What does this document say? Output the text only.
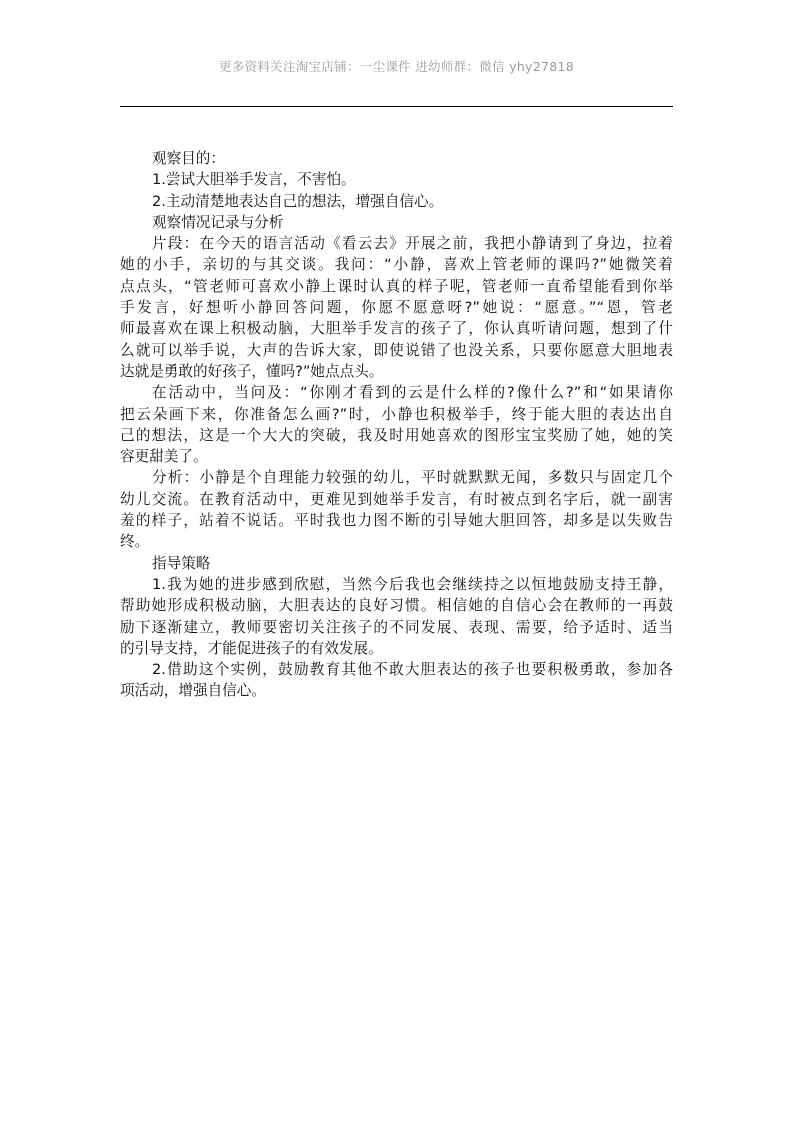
更多资料关注淘宝店铺：一尘课件 进幼师群：微信 yhy27818
观察目的：
1.尝试大胆举手发言，不害怕。
2.主动清楚地表达自己的想法，增强自信心。
观察情况记录与分析
片段：在今天的语言活动《看云去》开展之前，我把小静请到了身边，拉着
她的小手，亲切的与其交谈。我问：“小静，喜欢上管老师的课吗?”她微笑着
点点头，“管老师可喜欢小静上课时认真的样子呢，管老师一直希望能看到你举
手发言，好想听小静回答问题，你愿不愿意呀?”她说：“愿意。”“恩，管老
师最喜欢在课上积极动脑，大胆举手发言的孩子了，你认真听请问题，想到了什
么就可以举手说，大声的告诉大家，即使说错了也没关系，只要你愿意大胆地表
达就是勇敢的好孩子，懂吗?”她点点头。
在活动中，当问及：“你刚才看到的云是什么样的?像什么?”和“如果请你
把云朵画下来，你准备怎么画?”时，小静也积极举手，终于能大胆的表达出自
己的想法，这是一个大大的突破，我及时用她喜欢的图形宝宝奖励了她，她的笑
容更甜美了。
分析：小静是个自理能力较强的幼儿，平时就默默无闻，多数只与固定几个
幼儿交流。在教育活动中，更难见到她举手发言，有时被点到名字后，就一副害
羞的样子，站着不说话。平时我也力图不断的引导她大胆回答，却多是以失败告
终。
指导策略
1.我为她的进步感到欣慰，当然今后我也会继续持之以恒地鼓励支持王静，
帮助她形成积极动脑，大胆表达的良好习惯。相信她的自信心会在教师的一再鼓
励下逐渐建立，教师要密切关注孩子的不同发展、表现、需要，给予适时、适当
的引导支持，才能促进孩子的有效发展。
2.借助这个实例，鼓励教育其他不敢大胆表达的孩子也要积极勇敢，参加各
项活动，增强自信心。
